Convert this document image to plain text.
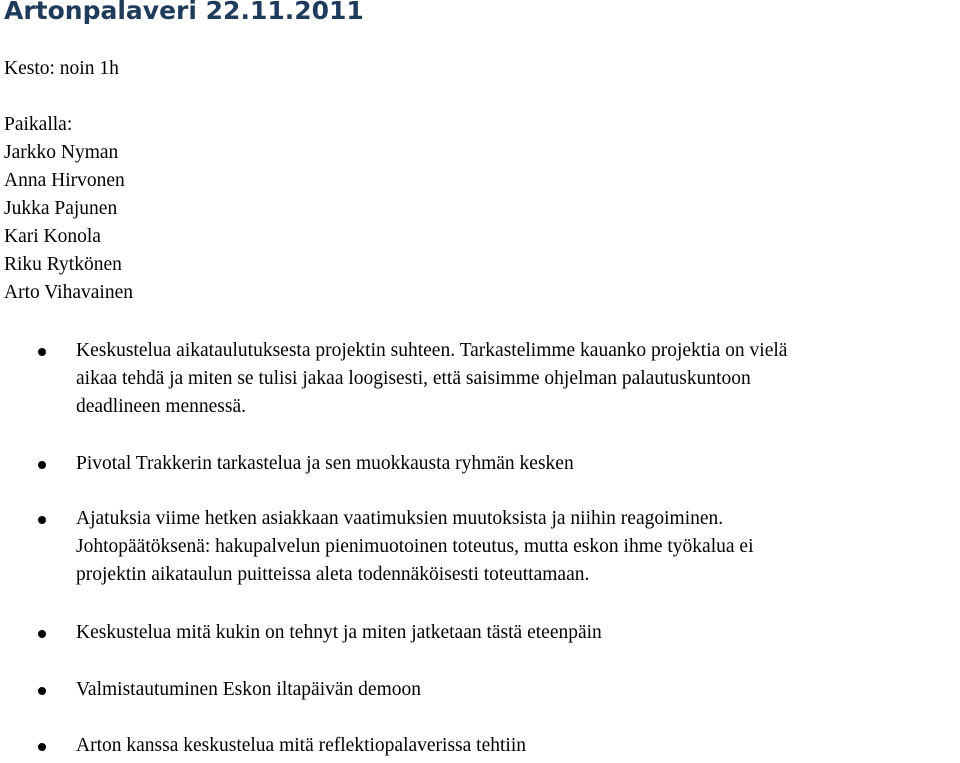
Artonpalaveri 22.11.2011

Kesto: noin 1h

Paikalla:
Jarkko Nyman
Anna Hirvonen
Jukka Pajunen
Kari Konola
Riku Rytkönen
Arto Vihavainen
Keskustelua aikataulutuksesta projektin suhteen. Tarkastelimme kauanko projektia on vielä
aikaa tehdä ja miten se tulisi jakaa loogisesti, että saisimme ohjelman palautuskuntoon
deadlineen mennessä.
Pivotal Trakkerin tarkastelua ja sen muokkausta ryhmän kesken
Ajatuksia viime hetken asiakkaan vaatimuksien muutoksista ja niihin reagoiminen.
Johtopäätöksenä: hakupalvelun pienimuotoinen toteutus, mutta eskon ihme työkalua ei
projektin aikataulun puitteissa aleta todennäköisesti toteuttamaan.
Keskustelua mitä kukin on tehnyt ja miten jatketaan tästä eteenpäin
Valmistautuminen Eskon iltapäivän demoon
Arton kanssa keskustelua mitä reflektiopalaverissa tehtiin
